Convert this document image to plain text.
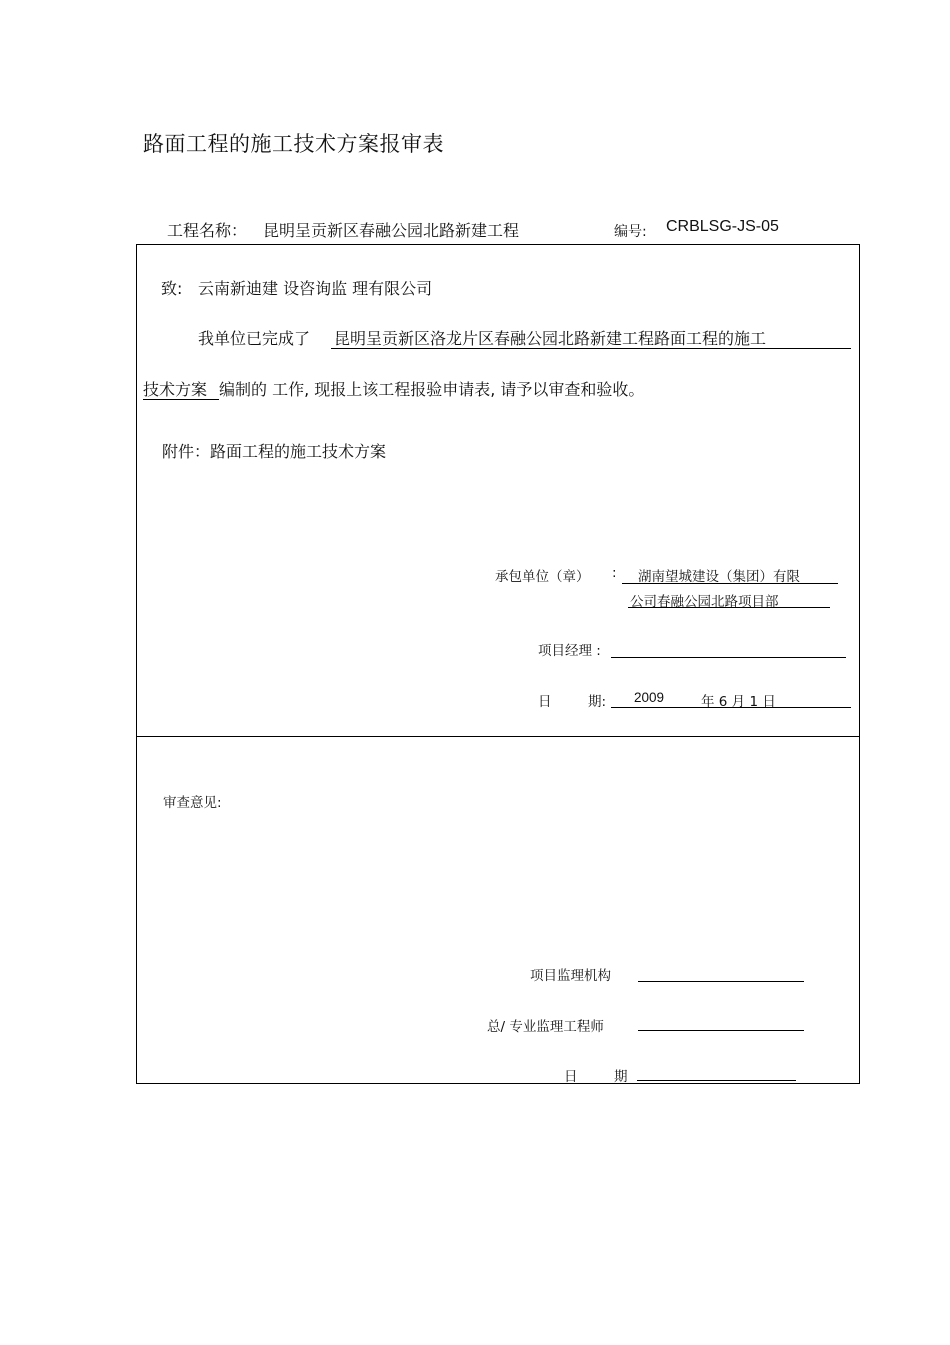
路面工程的施工技术方案报审表
工程名称： 昆明呈贡新区春融公园北路新建工程	编号: CRBLSG-JS-05
致: 云南新迪建 设咨询监 理有限公司
我单位已完成了 昆明呈贡新区洛龙片区春融公园北路新建工程路面工程的施工
技术方案 编制的 工作, 现报上该工程报验申请表, 请予以审查和验收。
附件：路面工程的施工技术方案
承包单位（章） : 湖南望城建设（集团）有限
公司春融公园北路项目部
项目经理 :
日	期: 2009	年 6 月 1 日
审查意见:
项目监理机构
总/ 专业监理工程师
日	期
